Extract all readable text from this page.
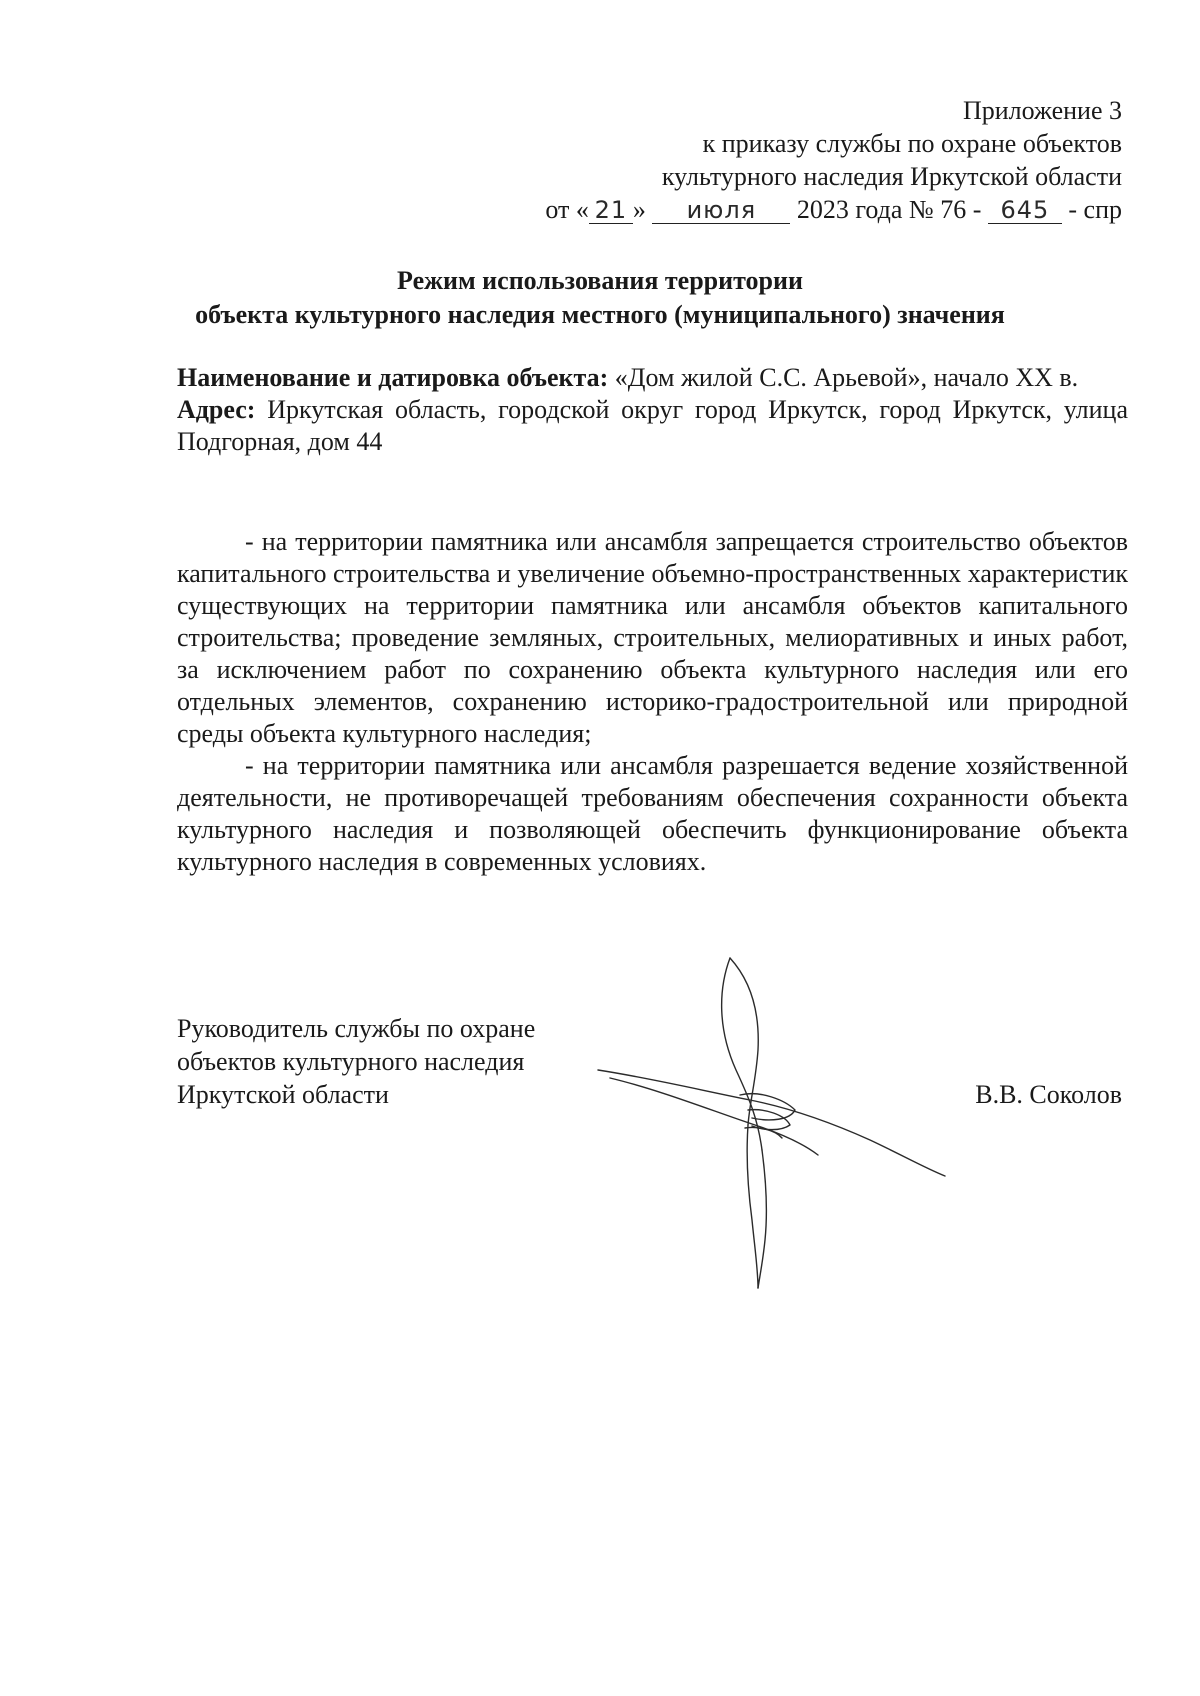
Приложение 3
к приказу службы по охране объектов
культурного наследия Иркутской области
от « 21 » июля 2023 года № 76 - 645 - спр
Режим использования территории
объекта культурного наследия местного (муниципального) значения

Наименование и датировка объекта: «Дом жилой С.С. Арьевой», начало XX в.

Адрес: Иркутская область, городской округ город Иркутск, город Иркутск, улица Подгорная, дом 44

- на территории памятника или ансамбля запрещается строительство объектов капитального строительства и увеличение объемно-пространственных характеристик существующих на территории памятника или ансамбля объектов капитального строительства; проведение земляных, строительных, мелиоративных и иных работ, за исключением работ по сохранению объекта культурного наследия или его отдельных элементов, сохранению историко-градостроительной или природной среды объекта культурного наследия;

- на территории памятника или ансамбля разрешается ведение хозяйственной деятельности, не противоречащей требованиям обеспечения сохранности объекта культурного наследия и позволяющей обеспечить функционирование объекта культурного наследия в современных условиях.

Руководитель службы по охране
объектов культурного наследия
Иркутской области	В.В. Соколов
